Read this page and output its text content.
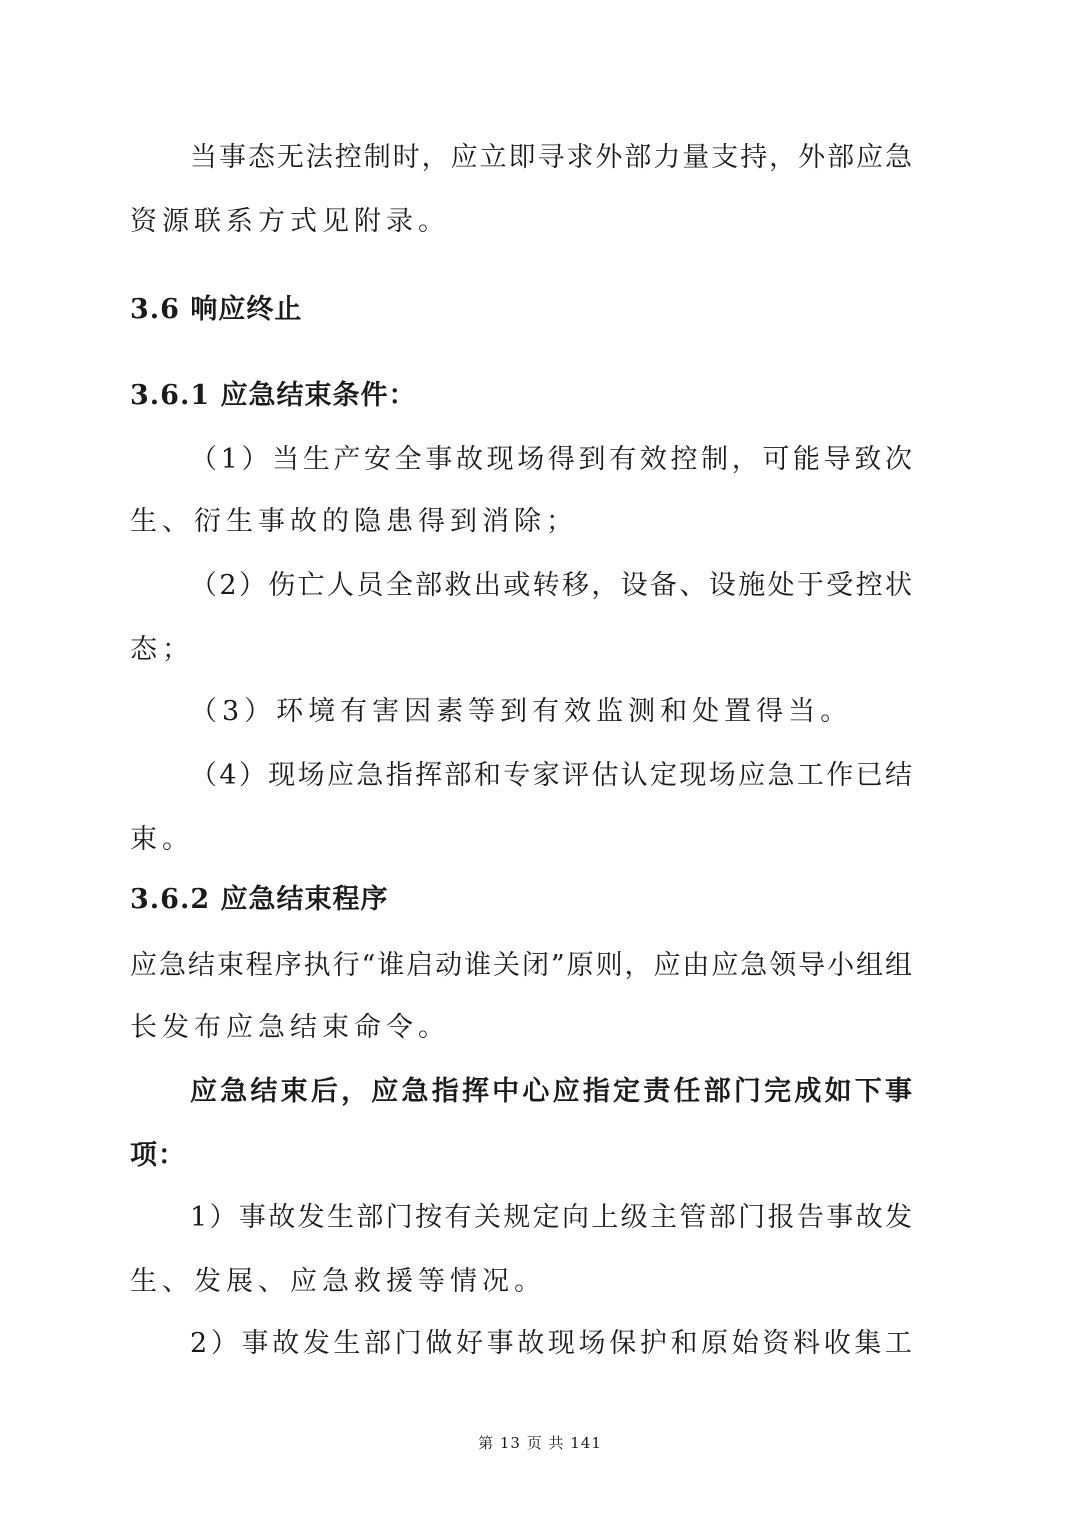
当事态无法控制时，应立即寻求外部力量支持，外部应急
资源联系方式见附录。
3.6 响应终止
3.6.1 应急结束条件：
（1）当生产安全事故现场得到有效控制，可能导致次
生、衍生事故的隐患得到消除；
（2）伤亡人员全部救出或转移，设备、设施处于受控状
态；
（3）环境有害因素等到有效监测和处置得当。
（4）现场应急指挥部和专家评估认定现场应急工作已结
束。
3.6.2 应急结束程序
应急结束程序执行“谁启动谁关闭”原则，应由应急领导小组组
长发布应急结束命令。
应急结束后，应急指挥中心应指定责任部门完成如下事
项：
1）事故发生部门按有关规定向上级主管部门报告事故发
生、发展、应急救援等情况。
2）事故发生部门做好事故现场保护和原始资料收集工
第 13 页 共 141
